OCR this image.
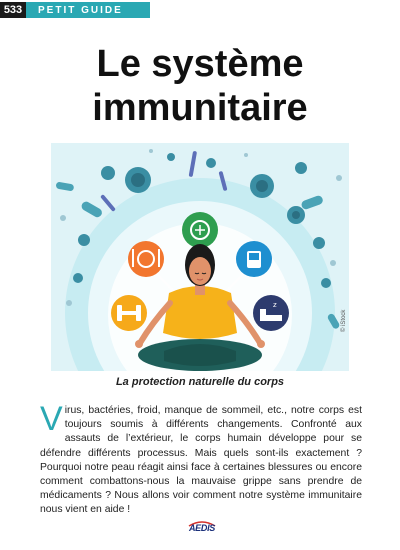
533	PETIT GUIDE
Le système
immunitaire
z
© iStock

La protection naturelle du corps

Virus, bactéries, froid, manque de sommeil, etc., notre corps est toujours soumis à différents changements. Confronté aux assauts de l’extérieur, le corps humain développe pour se défendre différents processus. Mais quels sont-ils exactement ? Pourquoi notre peau réagit ainsi face à certaines blessures ou encore comment combattons-nous la mauvaise grippe sans prendre de médicaments ? Nous allons voir comment notre système immunitaire nous vient en aide !
AEDIS
